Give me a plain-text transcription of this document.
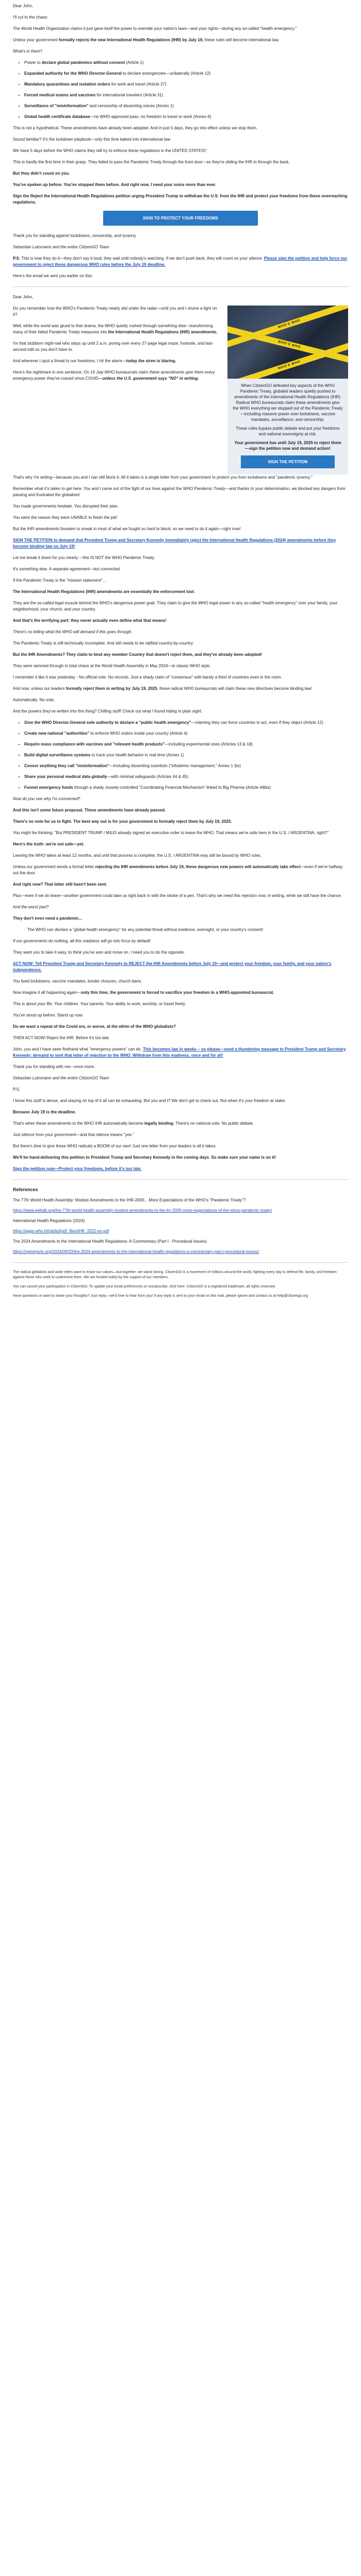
Dear John,

I'll cut to the chase:

The World Health Organization claims it just gave itself the power to override your nation's laws—and your rights—during any so-called "health emergency."

Unless your government formally rejects the new International Health Regulations (IHR) by July 19, these rules will become international law.

What's in them?

• Power to declare global pandemics without consent (Article 1)
• Expanded authority for the WHO Director-General to declare emergencies—unilaterally (Article 12)
• Mandatory quarantines and isolation orders for work and travel (Article 27)
• Forced medical exams and vaccines for international travelers (Article 31)
• Surveillance of "misinformation" and censorship of dissenting voices (Annex 1)
• Global health certificate database—no WHO-approved pass, no freedom to travel or work (Annex 6)

This is not a hypothetical. These amendments have already been adopted. And in just 5 days, they go into effect unless we stop them.

Sound familiar? It's the lockdown playbook—only this time baked into international law.

We have 5 days before the WHO claims they will try to enforce these regulations in the UNITED STATES!!

This is hardly the first time in their grasp. They failed to pass the Pandemic Treaty through the front door—so they're sliding the IHR in through the back.

But they didn't count on you.

You've spoken up before. You've stopped them before. And right now, I need your voice more than ever.

Sign the Reject the International Health Regulations petition urging President Trump to withdraw the U.S. from the IHR and protect your freedoms from these overreaching regulations.

SIGN TO PROTECT YOUR FREEDOMS

Thank you for standing against lockdowns, censorship, and tyranny.

Sebastian Luksmann and the entire CitizenGO Team

P.S. This is how they do it—they don't say it loud; they wait until nobody's watching. If we don't push back, they will count on your silence. Please sign the petition and help force our government to reject these dangerous WHO rules before the July 19 deadline.

Here's the email we sent you earlier on this:

Dear John,

Do you remember how the WHO's Pandemic Treaty nearly slid under the radar—until you and I shone a light on it?

Well, while the world was glued to that drama, the WHO quietly rushed through something else—transforming many of their failed Pandemic Treaty measures into the International Health Regulations (IHR) amendments.

I'm that stubborn night-owl who stays up until 2 a.m. poring over every 27-page legal maze, footnote, and last-second edit so you don't have to.

And wherever I spot a threat to our freedoms, I hit the alarm—today the siren is blaring.

Here's the nightmare in one sentence: On 19 July WHO bureaucrats claim these amendments give them every emergency power they've craved since COVID—unless the U.S. government says "NO" in writing.

WHO'S WHO
WHO'S WHO
WHO'S WHO

When CitizenGO defeated key aspects of the WHO Pandemic Treaty, globalist leaders quietly pushed to amendments of the International Health Regulations (IHR). Radical WHO bureaucrats claim these amendments give the WHO everything we stopped out of the Pandemic Treaty—including massive power over lockdowns, vaccine mandates, surveillance, and censorship.

These rules bypass public debate and put your freedoms and national sovereignty at risk.

Your government has until July 19, 2025 to reject them—sign the petition now and demand action!

SIGN THE PETITION

That's why I'm writing—because you and I can still block it. All it takes is a single letter from your government to protect you from lockdowns and "pandemic tyranny."

Remember what it's taken to get here. You and I came out of the fight of our lives against the WHO Pandemic Treaty—and thanks to your determination, we blocked key dangers from passing and frustrated the globalists!

You made governments hesitate. You disrupted their plan.

You were the reason they were UNABLE to finish the job!

But the IHR amendments threaten to sneak in most of what we fought so hard to block, so we need to do it again—right now!

SIGN THE PETITION to demand that President Trump and Secretary Kennedy immediately reject the International Health Regulations (2024) amendments before they become binding law on July 19!

Let me break it down for you clearly – this IS NOT the WHO Pandemic Treaty.

It's something else. A separate agreement—but connected.

If the Pandemic Treaty is the "mission statement"...

The International Health Regulations (IHR) amendments are essentially the enforcement tool.

They are the so-called legal muscle behind the WHO's dangerous power grab. They claim to give the WHO legal power in any so-called "health emergency" over your family, your neighborhood, your church, and your country.

And that's the terrifying part: they never actually even define what that means!

There's no telling what the WHO will demand if this goes through.

The Pandemic Treaty is still technically incomplete. And still needs to be ratified country-by-country.

But the IHR Amendments? They claim to bind any member Country that doesn't reject them, and they've already been adopted!

They were rammed through in total chaos at the World Health Assembly in May 2024—in classic WHO style.

I remember it like it was yesterday - No official vote. No records. Just a shady claim of "consensus" with barely a third of countries even in the room.

And now, unless our leaders formally reject them in writing by July 19, 2025, these radical WHO bureaucrats will claim these new directives become binding law!

Automatically. No vote.

And the powers they've written into this thing? Chilling stuff! Check out what I found hiding in plain sight:

• Give the WHO Director-General sole authority to declare a "public health emergency"—claiming they can force countries to act, even if they object (Article 12)
• Create new national "authorities" to enforce WHO orders inside your country (Article 4)
• Require mass compliance with vaccines and "relevant health products"—including experimental ones (Articles 13 & 18)
• Build digital surveillance systems to track your health behavior in real time (Annex 1)
• Censor anything they call "misinformation"—including dissenting scientists ("infodemic management," Annex 1 §ix)
• Share your personal medical data globally—with minimal safeguards (Articles 44 & 45)
• Funnel emergency funds through a shady, loosely-controlled "Coordinating Financial Mechanism" linked to Big Pharma (Article 44bis)

Now do you see why I'm concerned?

And this isn't some future proposal. These amendments have already passed.

There's no vote for us to fight. The best way out is for your government to formally reject them by July 19, 2025.

You might be thinking: "But PRESIDENT TRUMP / MILEI already signed an executive order to leave the WHO. That means we're safe here in the U.S. / ARGENTINA, right?"

Here's the truth: we're not safe—yet.

Leaving the WHO takes at least 12 months, and until that process is complete, the U.S. / ARGENTINA may still be bound by WHO rules.

Unless our government sends a formal letter rejecting the IHR amendments before July 19, these dangerous new powers will automatically take effect—even if we're halfway out the door.

And right now? That letter still hasn't been sent.

Plus—even if we do leave—another government could take us right back in with the stroke of a pen. That's why we need this rejection now, in writing, while we still have the chance.

And the worst part?

They don't even need a pandemic...

The WHO can declare a "global health emergency" for any potential threat without evidence, oversight, or your country's consent!

If our governments do nothing, all this madness will go into force by default!

They want you to take it easy, to think you've won and move on. I need you to do the opposite.

ACT NOW: Tell President Trump and Secretary Kennedy to REJECT the IHR Amendments before July 19—and protect your freedom, your family, and your nation's independence.

You lived lockdowns, vaccine mandates, border closures, church bans.

Now imagine it all happening again—only this time, the government is forced to sacrifice your freedom to a WHO-appointed bureaucrat.

This is about your life. Your children. Your parents. Your ability to work, worship, or travel freely.

You've stood up before. Stand up now.

Do we want a repeat of the Covid era, or worse, at the whim of the WHO globalists?

THEN ACT NOW! Reject the IHR. Before it's too late.

John, you and I have seen firsthand what "emergency powers" can do. This becomes law in weeks – so please—send a thundering message to President Trump and Secretary Kennedy: demand to sent that letter of rejection to the WHO. Withdraw from this madness, once and for all!

Thank you for standing with me—once more.

Sebastian Luksmann and the entire CitizenGO Team

P.S.

I know this stuff is dense, and staying on top of it all can be exhausting. But you and I? We don't get to check out. Not when it's your freedom at stake.

Because July 19 is the deadline.

That's when these amendments to the WHO IHR automatically become legally binding. There's no national vote. No public debate.

Just silence from your government—and that silence means "yes."

But there's time to give these WHO radicals a BOOM of our own! Just one letter from your leaders is all it takes.

We'll be hand-delivering this petition to President Trump and Secretary Kennedy in the coming days. So make sure your name is on it!

Sign the petition now—Protect your freedoms, before it's too late.

References

The 77th World Health Assembly: Modest Amendments to the IHR-2005... More Expectations of the WHO's "Pandemic Treaty"?

https://www.eeltalk.org/the-77th-world-health-assembly-modest-amendments-to-the-ihr-2005-more-expectations-of-the-whos-pandemic-treaty/

International Health Regulations (2024)

https://apps.who.int/gb/bd/pdf_files/IHR_2022-en.pdf

The 2024 Amendments to the International Health Regulations: A Commentary (Part I - Procedural Issues)

https://opiniojuris.org/2024/09/20/the-2024-amendments-to-the-international-health-regulations-a-commentary-part-i-procedural-issues/

The radical globalists and woke elites want to erase our values—but together, we stand strong. CitizenGO is a movement of millions around the world, fighting every day to defend life, family, and freedom against those who seek to undermine them. We are funded solely by the support of our members.

You can cancel your participation in CitizenGO. To update your email preferences or unsubscribe, click here. CitizenGO is a registered trademark, all rights reserved.

Have questions or want to share your thoughts? Just reply—we'd love to hear from you! If any reply is sent to your email on this mail, please ignore and contact us at help@citizengo.org
